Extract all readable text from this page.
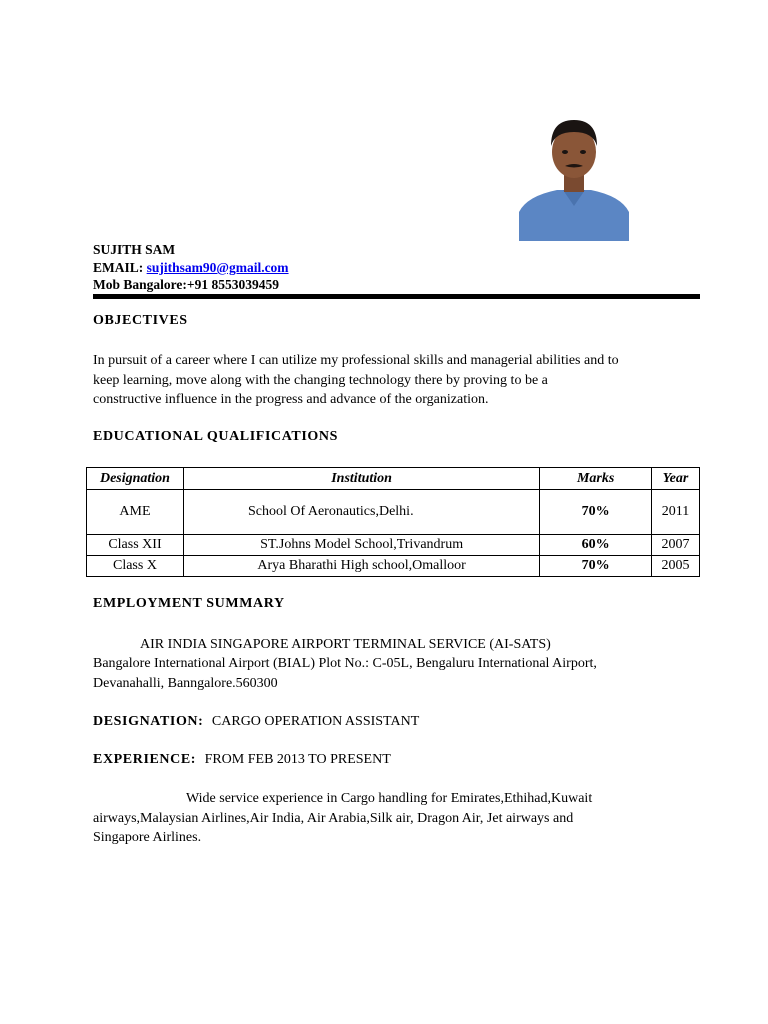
SUJITH SAM
EMAIL: sujithsam90@gmail.com
Mob Bangalore:+91 8553039459
OBJECTIVES
In pursuit of a career where I can utilize my professional skills and managerial abilities and to
keep learning, move along with the changing technology there by proving to be a
constructive influence in the progress and advance of the organization.
EDUCATIONAL QUALIFICATIONS
Designation	Institution	Marks	Year
AME	School Of Aeronautics,Delhi.	70%	2011
Class XII	ST.Johns Model School,Trivandrum	60%	2007
Class X	Arya Bharathi High school,Omalloor	70%	2005
EMPLOYMENT SUMMARY
AIR INDIA SINGAPORE AIRPORT TERMINAL SERVICE (AI-SATS)
Bangalore International Airport (BIAL) Plot No.: C-05L, Bengaluru International Airport,
Devanahalli, Banngalore.560300
DESIGNATION: CARGO OPERATION ASSISTANT
EXPERIENCE: FROM FEB 2013 TO PRESENT
Wide service experience in Cargo handling for Emirates,Ethihad,Kuwait
airways,Malaysian Airlines,Air India, Air Arabia,Silk air, Dragon Air, Jet airways and
Singapore Airlines.
